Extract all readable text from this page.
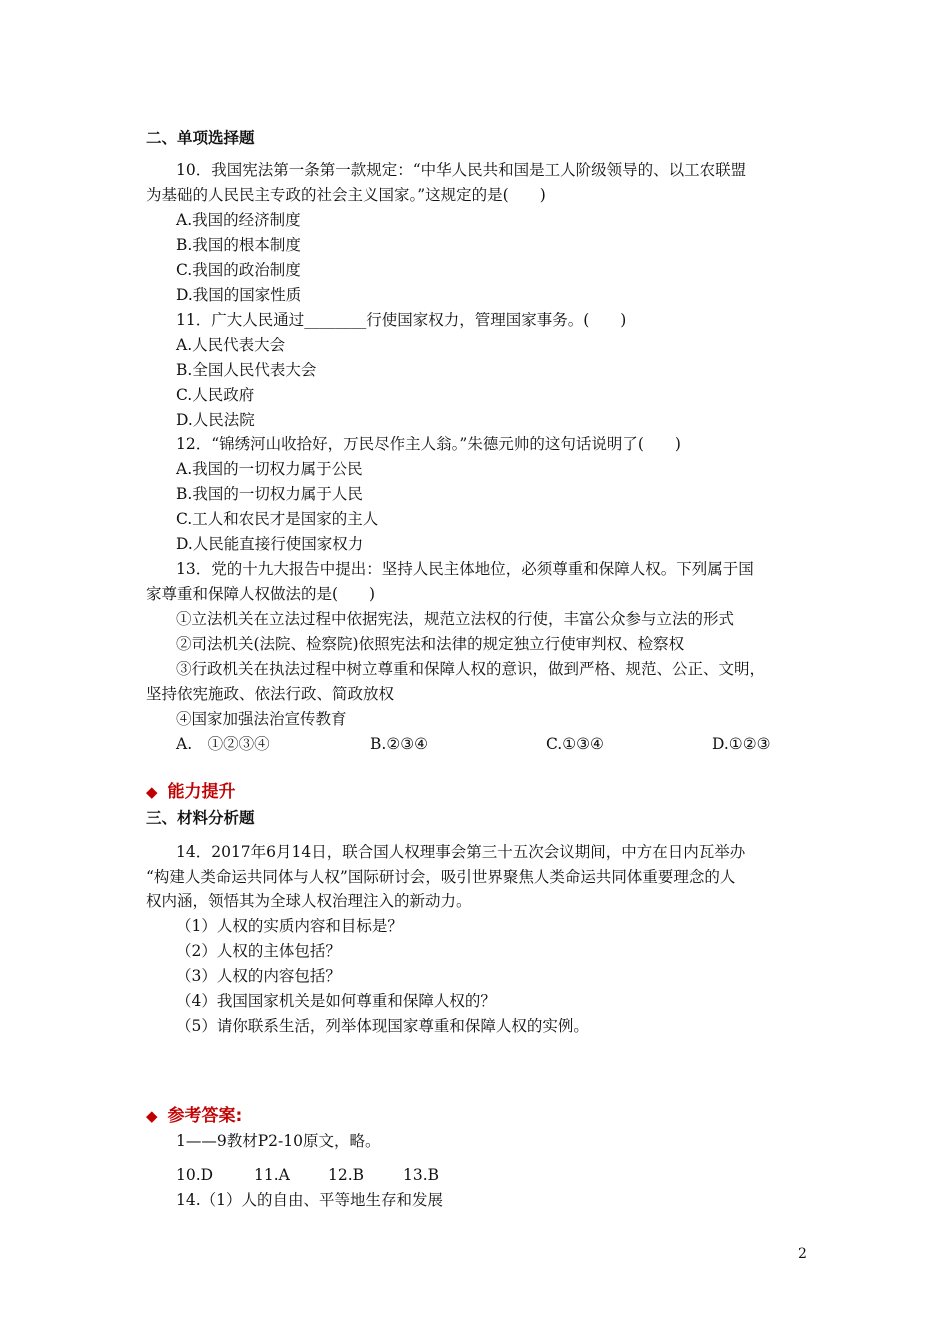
二、单项选择题

10．我国宪法第一条第一款规定：“中华人民共和国是工人阶级领导的、以工农联盟

为基础的人民民主专政的社会主义国家。”这规定的是(　　)

A.我国的经济制度

B.我国的根本制度

C.我国的政治制度

D.我国的国家性质

11．广大人民通过________行使国家权力，管理国家事务。(　　)

A.人民代表大会

B.全国人民代表大会

C.人民政府

D.人民法院

12．“锦绣河山收拾好，万民尽作主人翁。”朱德元帅的这句话说明了(　　)

A.我国的一切权力属于公民

B.我国的一切权力属于人民

C.工人和农民才是国家的主人

D.人民能直接行使国家权力

13．党的十九大报告中提出：坚持人民主体地位，必须尊重和保障人权。下列属于国

家尊重和保障人权做法的是(　　)

①立法机关在立法过程中依据宪法，规范立法权的行使，丰富公众参与立法的形式

②司法机关(法院、检察院)依照宪法和法律的规定独立行使审判权、检察权

③行政机关在执法过程中树立尊重和保障人权的意识，做到严格、规范、公正、文明，

坚持依宪施政、依法行政、简政放权

④国家加强法治宣传教育

A.　①②③④	B.②③④	C.①③④	D.①②③

◆ 能力提升

三、材料分析题

14．2017年6月14日，联合国人权理事会第三十五次会议期间，中方在日内瓦举办

“构建人类命运共同体与人权”国际研讨会，吸引世界聚焦人类命运共同体重要理念的人

权内涵，领悟其为全球人权治理注入的新动力。

（1）人权的实质内容和目标是？

（2）人权的主体包括？

（3）人权的内容包括？

（4）我国国家机关是如何尊重和保障人权的？

（5）请你联系生活，列举体现国家尊重和保障人权的实例。

◆ 参考答案:

1——9教材P2-10原文，略。

10.D	11.A 12.B	13.B

14.（1）人的自由、平等地生存和发展

2
